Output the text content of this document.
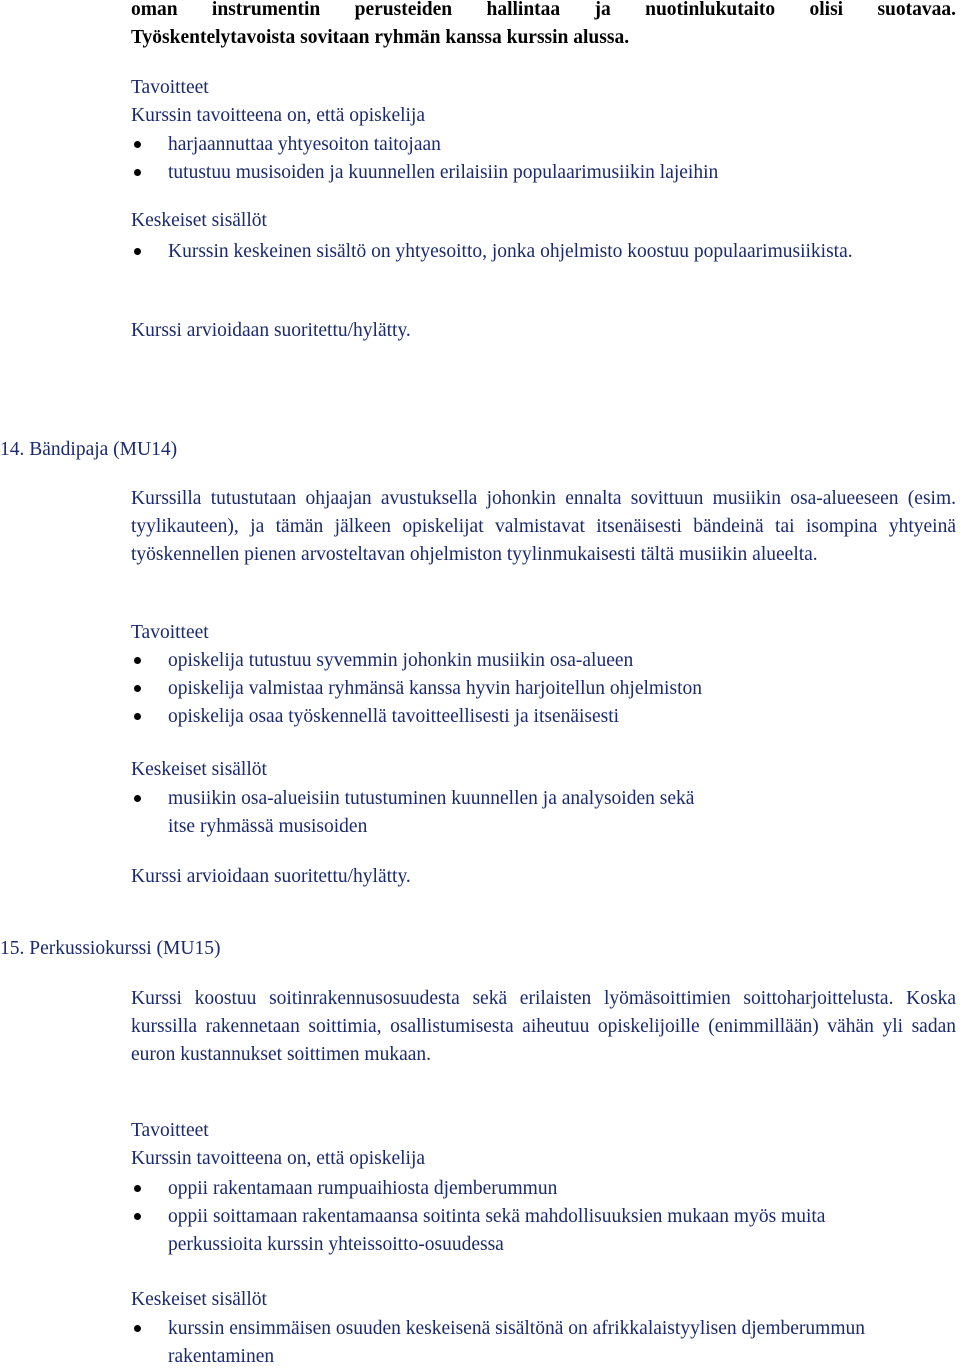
oman instrumentin perusteiden hallintaa ja nuotinlukutaito olisi suotavaa.

Työskentelytavoista sovitaan ryhmän kanssa kurssin alussa.

Tavoitteet

Kurssin tavoitteena on, että opiskelija

harjaannuttaa yhtyesoiton taitojaan
tutustuu musisoiden ja kuunnellen erilaisiin populaarimusiikin lajeihin

Keskeiset sisällöt

Kurssin keskeinen sisältö on yhtyesoitto, jonka ohjelmisto koostuu populaarimusiikista.

Kurssi arvioidaan suoritettu/hylätty.

14. Bändipaja (MU14)

Kurssilla tutustutaan ohjaajan avustuksella johonkin ennalta sovittuun musiikin osa-alueeseen (esim. tyylikauteen), ja tämän jälkeen opiskelijat valmistavat itsenäisesti bändeinä tai isompina yhtyeinä työskennellen pienen arvosteltavan ohjelmiston tyylinmukaisesti tältä musiikin alueelta.

Tavoitteet

opiskelija tutustuu syvemmin johonkin musiikin osa-alueen
opiskelija valmistaa ryhmänsä kanssa hyvin harjoitellun ohjelmiston
opiskelija osaa työskennellä tavoitteellisesti ja itsenäisesti

Keskeiset sisällöt

musiikin osa-alueisiin tutustuminen kuunnellen ja analysoiden sekä itse ryhmässä musisoiden

Kurssi arvioidaan suoritettu/hylätty.

15. Perkussiokurssi (MU15)

Kurssi koostuu soitinrakennusosuudesta sekä erilaisten lyömäsoittimien soittoharjoittelusta. Koska kurssilla rakennetaan soittimia, osallistumisesta aiheutuu opiskelijoille (enimmillään) vähän yli sadan euron kustannukset soittimen mukaan.

Tavoitteet

Kurssin tavoitteena on, että opiskelija

oppii rakentamaan rumpuaihiosta djemberummun
oppii soittamaan rakentamaansa soitinta sekä mahdollisuuksien mukaan myös muita perkussioita kurssin yhteissoitto-osuudessa

Keskeiset sisällöt

kurssin ensimmäisen osuuden keskeisenä sisältönä on afrikkalaistyylisen djemberummun rakentaminen
